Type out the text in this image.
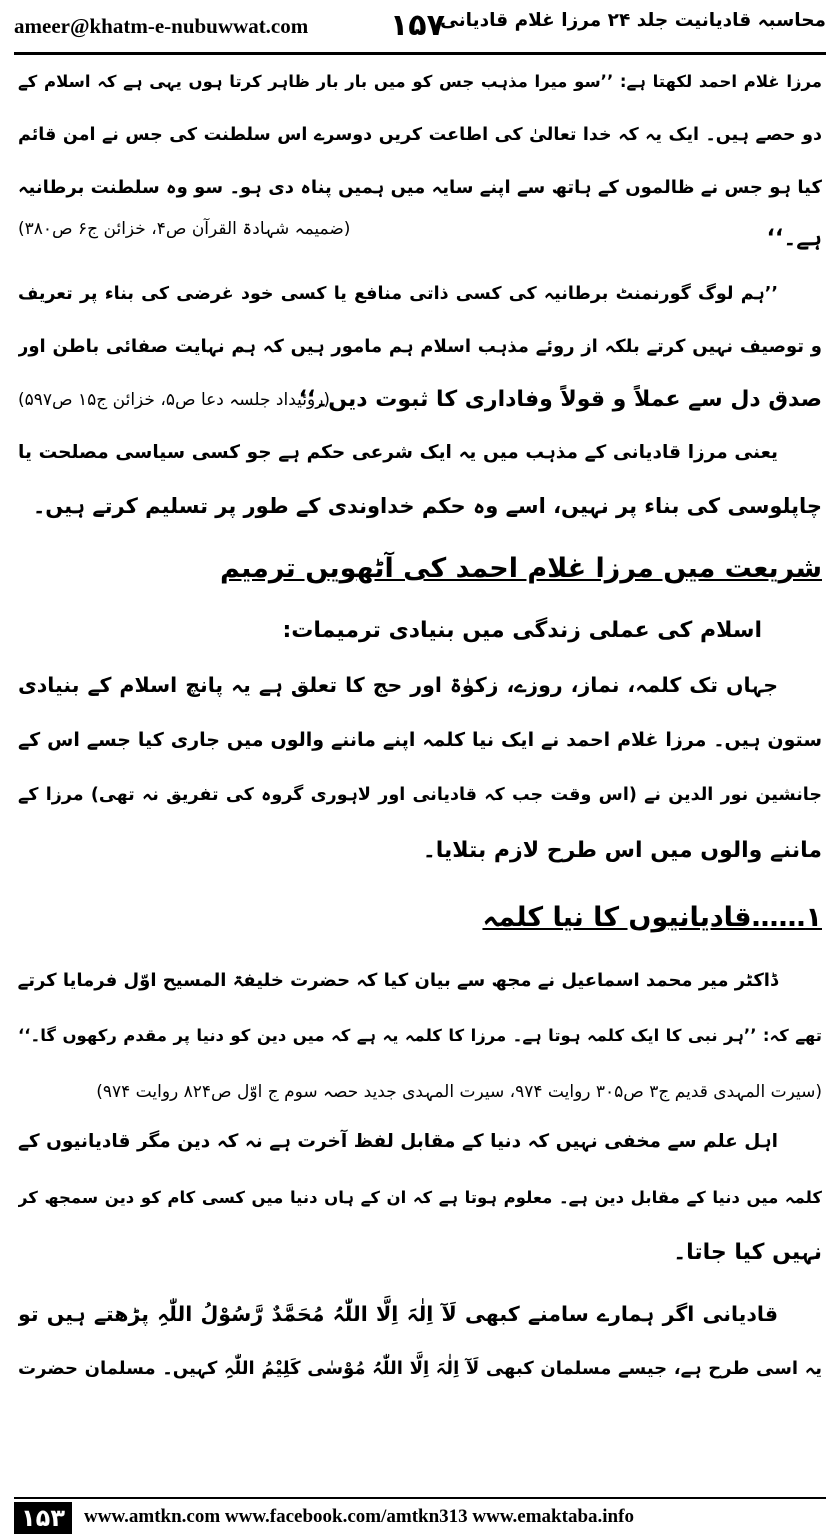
ameer@khatm-e-nubuwwat.com	۱۵۷
محاسبہ قادیانیت جلد ۲۴ مرزا غلام قادیانی
مرزا غلام احمد لکھتا ہے: ’’سو میرا مذہب جس کو میں بار بار ظاہر کرتا ہوں یہی ہے کہ اسلام کے
دو حصے ہیں۔ ایک یہ کہ خدا تعالیٰ کی اطاعت کریں دوسرے اس سلطنت کی جس نے امن قائم
کیا ہو جس نے ظالموں کے ہاتھ سے اپنے سایہ میں ہمیں پناہ دی ہو۔ سو وہ سلطنت برطانیہ
ہے۔‘‘
(ضمیمہ شہادۃ القرآن ص۴، خزائن ج۶ ص۳۸۰)
’’ہم لوگ گورنمنٹ برطانیہ کی کسی ذاتی منافع یا کسی خود غرضی کی بناء پر تعریف
و توصیف نہیں کرتے بلکہ از روئے مذہب اسلام ہم مامور ہیں کہ ہم نہایت صفائی باطن اور
صدق دل سے عملاً و قولاً وفاداری کا ثبوت دیں۔‘‘
(روئیداد جلسہ دعا ص۵، خزائن ج۱۵ ص۵۹۷)
یعنی مرزا قادیانی کے مذہب میں یہ ایک شرعی حکم ہے جو کسی سیاسی مصلحت یا
چاپلوسی کی بناء پر نہیں، اسے وہ حکم خداوندی کے طور پر تسلیم کرتے ہیں۔
شریعت میں مرزا غلام احمد کی آٹھویں ترمیم
اسلام کی عملی زندگی میں بنیادی ترمیمات:
جہاں تک کلمہ، نماز، روزے، زکوٰۃ اور حج کا تعلق ہے یہ پانچ اسلام کے بنیادی
ستون ہیں۔ مرزا غلام احمد نے ایک نیا کلمہ اپنے ماننے والوں میں جاری کیا جسے اس کے
جانشین نور الدین نے (اس وقت جب کہ قادیانی اور لاہوری گروہ کی تفریق نہ تھی) مرزا کے
ماننے والوں میں اس طرح لازم بتلایا۔
۱……قادیانیوں کا نیا کلمہ
ڈاکٹر میر محمد اسماعیل نے مجھ سے بیان کیا کہ حضرت خلیفۃ المسیح اوّل فرمایا کرتے
تھے کہ: ’’ہر نبی کا ایک کلمہ ہوتا ہے۔ مرزا کا کلمہ یہ ہے کہ میں دین کو دنیا پر مقدم رکھوں گا۔‘‘
(سیرت المہدی قدیم ج۳ ص۳۰۵ روایت ۹۷۴، سیرت المہدی جدید حصہ سوم ج اوّل ص۸۲۴ روایت ۹۷۴)
اہل علم سے مخفی نہیں کہ دنیا کے مقابل لفظ آخرت ہے نہ کہ دین مگر قادیانیوں کے
کلمہ میں دنیا کے مقابل دین ہے۔ معلوم ہوتا ہے کہ ان کے ہاں دنیا میں کسی کام کو دین سمجھ کر
نہیں کیا جاتا۔
قادیانی اگر ہمارے سامنے کبھی لَآ اِلٰہَ اِلَّا اللّٰہُ مُحَمَّدٌ رَّسُوْلُ اللّٰہِ پڑھتے ہیں تو
یہ اسی طرح ہے، جیسے مسلمان کبھی لَآ اِلٰہَ اِلَّا اللّٰہُ مُوْسٰی کَلِیْمُ اللّٰہِ کہیں۔ مسلمان حضرت
۱۵۳	www.amtkn.com www.facebook.com/amtkn313 www.emaktaba.info
